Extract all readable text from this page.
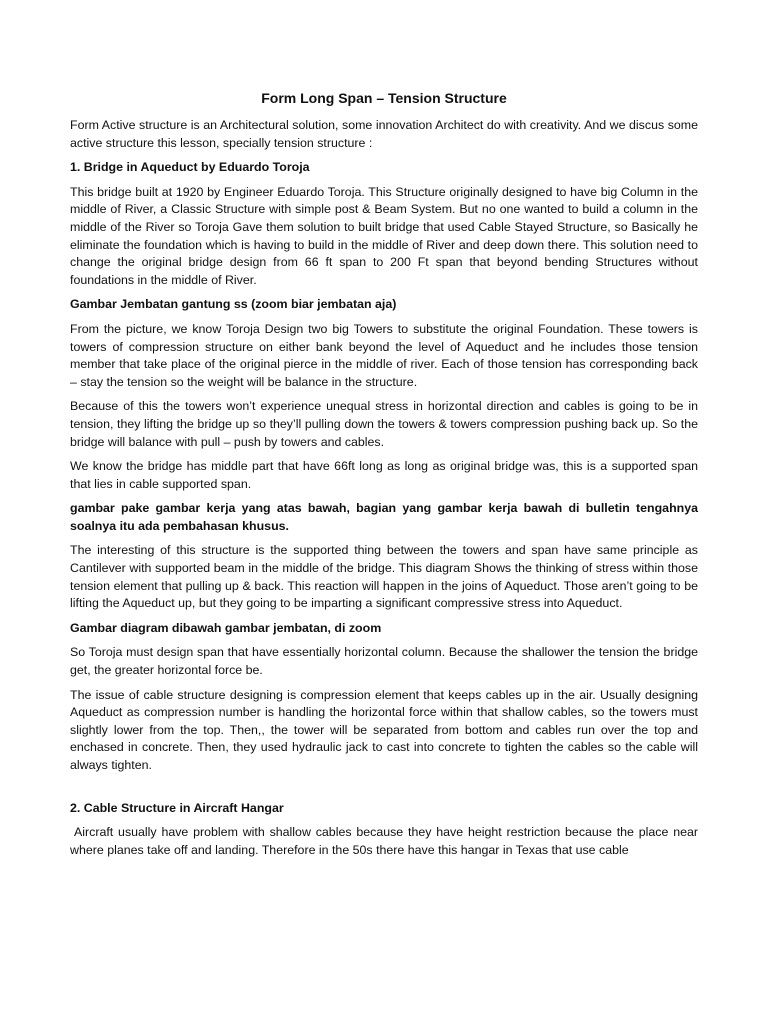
Form Long Span – Tension Structure
Form Active structure is an Architectural solution, some innovation Architect do with creativity. And we discus some active structure this lesson, specially tension structure :
1. Bridge in Aqueduct by Eduardo Toroja
This bridge built at 1920 by Engineer Eduardo Toroja. This Structure originally designed to have big Column in the middle of River, a Classic Structure with simple post & Beam System. But no one wanted to build a column in the middle of the River so Toroja Gave them solution to built bridge that used Cable Stayed Structure, so Basically he eliminate the foundation which is having to build in the middle of River and deep down there. This solution need to change the original bridge design from 66 ft span to 200 Ft span that beyond bending Structures without foundations in the middle of River.
Gambar Jembatan gantung ss (zoom biar jembatan aja)
From the picture, we know Toroja Design two big Towers to substitute the original Foundation. These towers is towers of compression structure on either bank beyond the level of Aqueduct and he includes those tension member that take place of the original pierce in the middle of river. Each of those tension has corresponding back – stay the tension so the weight will be balance in the structure.
Because of this the towers won’t experience unequal stress in horizontal direction and cables is going to be in tension, they lifting the bridge up so they’ll pulling down the towers & towers compression pushing back up. So the bridge will balance with pull – push by towers and cables.
We know the bridge has middle part that have 66ft long as long as original bridge was, this is a supported span that lies in cable supported span.
gambar pake gambar kerja yang atas bawah, bagian yang gambar kerja bawah di bulletin tengahnya soalnya itu ada pembahasan khusus.
The interesting of this structure is the supported thing between the towers and span have same principle as Cantilever with supported beam in the middle of the bridge. This diagram Shows the thinking of stress within those tension element that pulling up & back. This reaction will happen in the joins of Aqueduct. Those aren’t going to be lifting the Aqueduct up, but they going to be imparting a significant compressive stress into Aqueduct.
Gambar diagram dibawah gambar jembatan, di zoom
So Toroja must design span that have essentially horizontal column. Because the shallower the tension the bridge get, the greater horizontal force be.
The issue of cable structure designing is compression element that keeps cables up in the air. Usually designing Aqueduct as compression number is handling the horizontal force within that shallow cables, so the towers must slightly lower from the top. Then,, the tower will be separated from bottom and cables run over the top and enchased in concrete. Then, they used hydraulic jack to cast into concrete to tighten the cables so the cable will always tighten.
2. Cable Structure in Aircraft Hangar
Aircraft usually have problem with shallow cables because they have height restriction because the place near where planes take off and landing. Therefore in the 50s there have this hangar in Texas that use cable
